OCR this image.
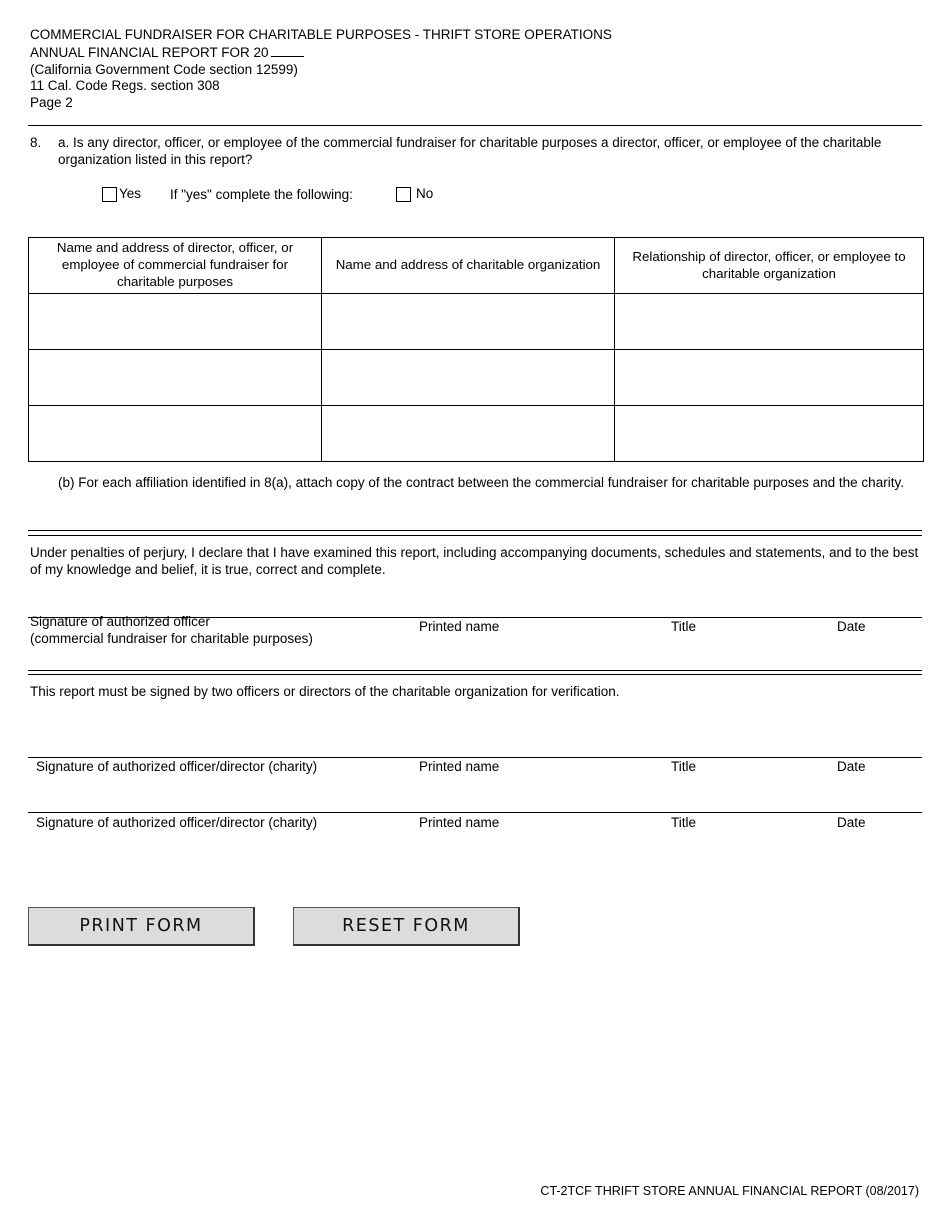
COMMERCIAL FUNDRAISER FOR CHARITABLE PURPOSES - THRIFT STORE OPERATIONS
ANNUAL FINANCIAL REPORT FOR 20
(California Government Code section 12599)
11 Cal. Code Regs. section 308
Page 2
8. a. Is any director, officer, or employee of the commercial fundraiser for charitable purposes a director, officer, or employee of the charitable organization listed in this report?
Yes If "yes" complete the following:	No
Name and address of director, officer, or employee of commercial fundraiser for charitable purposes	Name and address of charitable organization	Relationship of director, officer, or employee to charitable organization

(b) For each affiliation identified in 8(a), attach copy of the contract between the commercial fundraiser for charitable purposes and the charity.
Under penalties of perjury, I declare that I have examined this report, including accompanying documents, schedules and statements, and to the best of my knowledge and belief, it is true, correct and complete.
Signature of authorized officer
(commercial fundraiser for charitable purposes)
Printed name	Title	Date
This report must be signed by two officers or directors of the charitable organization for verification.
Signature of authorized officer/director (charity)	Printed name	Title	Date
Signature of authorized officer/director (charity)	Printed name	Title	Date
PRINT FORM	RESET FORM
CT-2TCF THRIFT STORE ANNUAL FINANCIAL REPORT (08/2017)
